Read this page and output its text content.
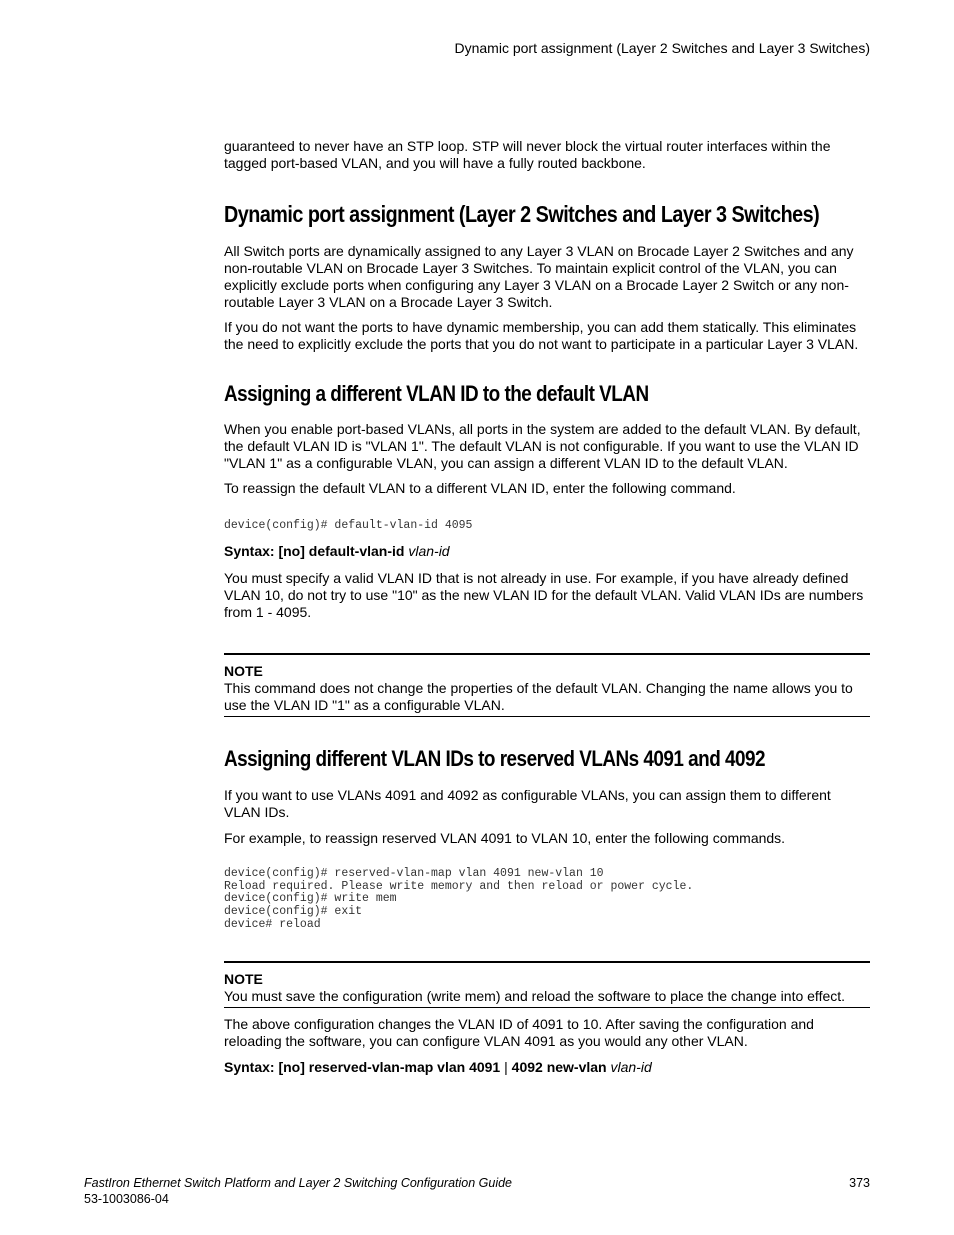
Dynamic port assignment (Layer 2 Switches and Layer 3 Switches)

guaranteed to never have an STP loop. STP will never block the virtual router interfaces within the tagged port-based VLAN, and you will have a fully routed backbone.

Dynamic port assignment (Layer 2 Switches and Layer 3 Switches)

All Switch ports are dynamically assigned to any Layer 3 VLAN on Brocade Layer 2 Switches and any non-routable VLAN on Brocade Layer 3 Switches. To maintain explicit control of the VLAN, you can explicitly exclude ports when configuring any Layer 3 VLAN on a Brocade Layer 2 Switch or any non-routable Layer 3 VLAN on a Brocade Layer 3 Switch.

If you do not want the ports to have dynamic membership, you can add them statically. This eliminates the need to explicitly exclude the ports that you do not want to participate in a particular Layer 3 VLAN.

Assigning a different VLAN ID to the default VLAN

When you enable port-based VLANs, all ports in the system are added to the default VLAN. By default, the default VLAN ID is "VLAN 1". The default VLAN is not configurable. If you want to use the VLAN ID "VLAN 1" as a configurable VLAN, you can assign a different VLAN ID to the default VLAN.

To reassign the default VLAN to a different VLAN ID, enter the following command.

device(config)# default-vlan-id 4095

Syntax: [no] default-vlan-id vlan-id

You must specify a valid VLAN ID that is not already in use. For example, if you have already defined VLAN 10, do not try to use "10" as the new VLAN ID for the default VLAN. Valid VLAN IDs are numbers from 1 - 4095.

NOTE

This command does not change the properties of the default VLAN. Changing the name allows you to use the VLAN ID "1" as a configurable VLAN.

Assigning different VLAN IDs to reserved VLANs 4091 and 4092

If you want to use VLANs 4091 and 4092 as configurable VLANs, you can assign them to different VLAN IDs.

For example, to reassign reserved VLAN 4091 to VLAN 10, enter the following commands.

device(config)# reserved-vlan-map vlan 4091 new-vlan 10
Reload required. Please write memory and then reload or power cycle.
device(config)# write mem
device(config)# exit
device# reload
NOTE

You must save the configuration (write mem) and reload the software to place the change into effect.

The above configuration changes the VLAN ID of 4091 to 10. After saving the configuration and reloading the software, you can configure VLAN 4091 as you would any other VLAN.

Syntax: [no] reserved-vlan-map vlan 4091 | 4092 new-vlan vlan-id

FastIron Ethernet Switch Platform and Layer 2 Switching Configuration Guide
53-1003086-04
373
